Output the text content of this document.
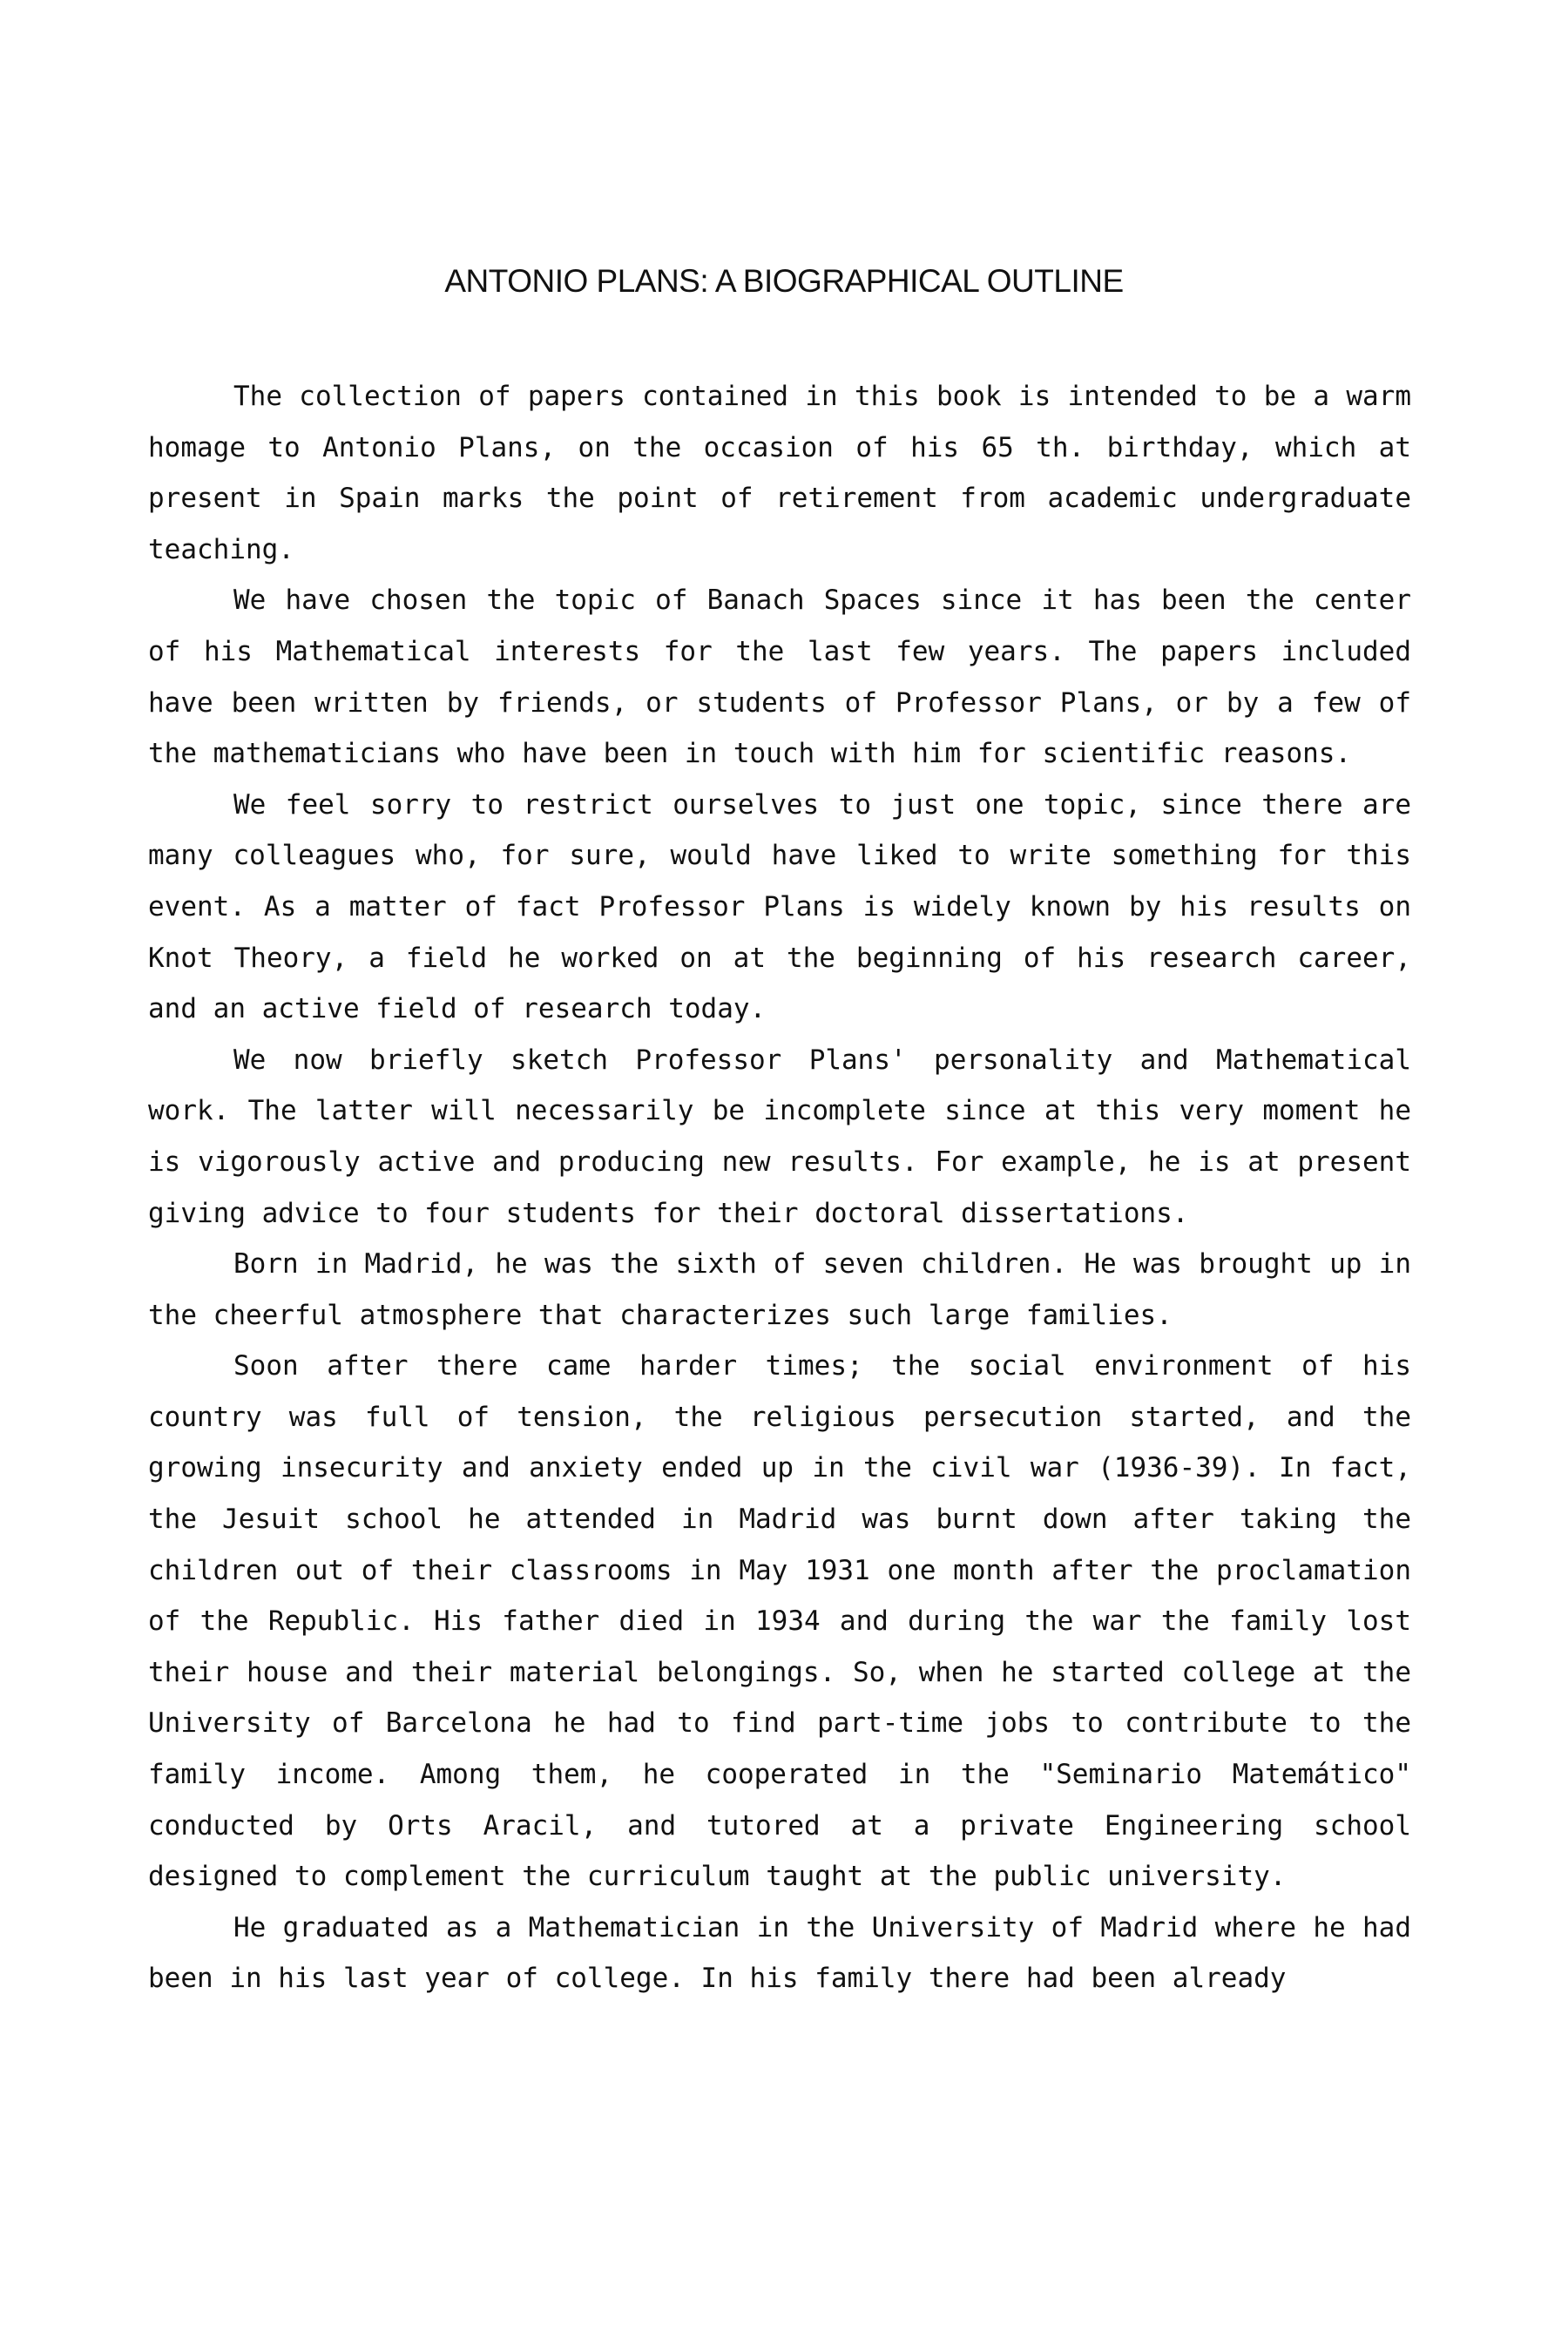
ANTONIO PLANS: A BIOGRAPHICAL OUTLINE

The collection of papers contained in this book is intended to be a warm homage to Antonio Plans, on the occasion of his 65 th. birthday, which at present in Spain marks the point of retirement from academic undergraduate teaching.

We have chosen the topic of Banach Spaces since it has been the center of his Mathematical interests for the last few years. The papers included have been written by friends, or students of Professor Plans, or by a few of the mathematicians who have been in touch with him for scientific reasons.

We feel sorry to restrict ourselves to just one topic, since there are many colleagues who, for sure, would have liked to write something for this event. As a matter of fact Professor Plans is widely known by his results on Knot Theory, a field he worked on at the beginning of his research career, and an active field of research today.

We now briefly sketch Professor Plans' personality and Mathematical work. The latter will necessarily be incomplete since at this very moment he is vigorously active and producing new results. For example, he is at present giving advice to four students for their doctoral dissertations.

Born in Madrid, he was the sixth of seven children. He was brought up in the cheerful atmosphere that characterizes such large families.

Soon after there came harder times; the social environment of his country was full of tension, the religious persecution started, and the growing insecurity and anxiety ended up in the civil war (1936-39). In fact, the Jesuit school he attended in Madrid was burnt down after taking the children out of their classrooms in May 1931 one month after the proclamation of the Republic. His father died in 1934 and during the war the family lost their house and their material belongings. So, when he started college at the University of Barcelona he had to find part-time jobs to contribute to the family income. Among them, he cooperated in the "Seminario Matemático" conducted by Orts Aracil, and tutored at a private Engineering school designed to complement the curriculum taught at the public university.

He graduated as a Mathematician in the University of Madrid where he had been in his last year of college. In his family there had been already
